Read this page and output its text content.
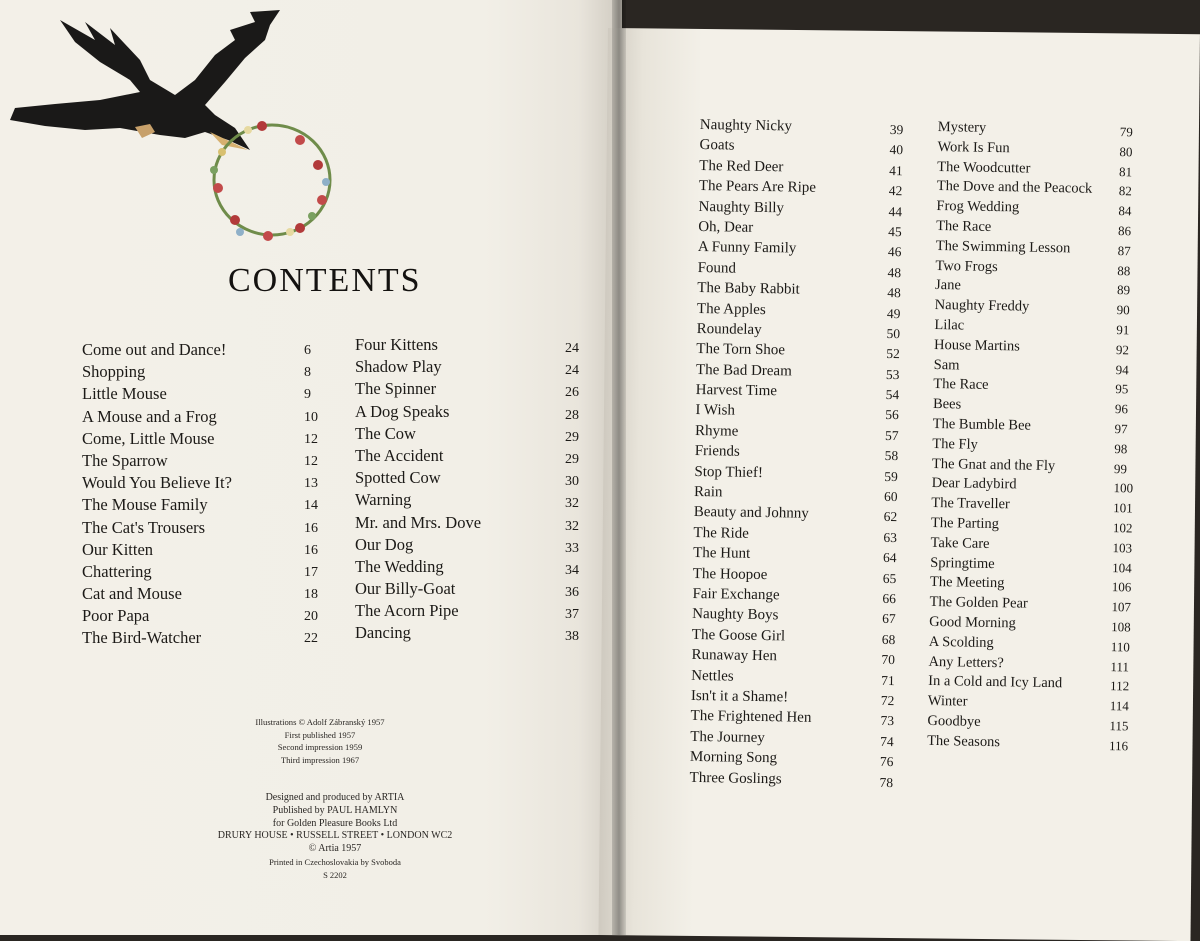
CONTENTS
Come out and Dance!	6
Shopping	8
Little Mouse	9
A Mouse and a Frog	10
Come, Little Mouse	12
The Sparrow	12
Would You Believe It?	13
The Mouse Family	14
The Cat's Trousers	16
Our Kitten	16
Chattering	17
Cat and Mouse	18
Poor Papa	20
The Bird-Watcher	22
Four Kittens	24
Shadow Play	24
The Spinner	26
A Dog Speaks	28
The Cow	29
The Accident	29
Spotted Cow	30
Warning	32
Mr. and Mrs. Dove	32
Our Dog	33
The Wedding	34
Our Billy-Goat	36
The Acorn Pipe	37
Dancing	38
Naughty Nicky	39
Goats	40
The Red Deer	41
The Pears Are Ripe	42
Naughty Billy	44
Oh, Dear	45
A Funny Family	46
Found	48
The Baby Rabbit	48
The Apples	49
Roundelay	50
The Torn Shoe	52
The Bad Dream	53
Harvest Time	54
I Wish	56
Rhyme	57
Friends	58
Stop Thief!	59
Rain	60
Beauty and Johnny	62
The Ride	63
The Hunt	64
The Hoopoe	65
Fair Exchange	66
Naughty Boys	67
The Goose Girl	68
Runaway Hen	70
Nettles	71
Isn't it a Shame!	72
The Frightened Hen	73
The Journey	74
Morning Song	76
Three Goslings	78
Mystery	79
Work Is Fun	80
The Woodcutter	81
The Dove and the Peacock 82
Frog Wedding	84
The Race	86
The Swimming Lesson	87
Two Frogs	88
Jane	89
Naughty Freddy	90
Lilac	91
House Martins	92
Sam	94
The Race	95
Bees	96
The Bumble Bee	97
The Fly	98
The Gnat and the Fly	99
Dear Ladybird	100
The Traveller	101
The Parting	102
Take Care	103
Springtime	104
The Meeting	106
The Golden Pear	107
Good Morning	108
A Scolding	110
Any Letters?	111
In a Cold and Icy Land	112
Winter	114
Goodbye	115
The Seasons	116
Illustrations © Adolf Zábranský 1957
First published 1957
Second impression 1959
Third impression 1967
Designed and produced by ARTIA
Published by PAUL HAMLYN
for Golden Pleasure Books Ltd
DRURY HOUSE • RUSSELL STREET • LONDON WC2
© Artia 1957
Printed in Czechoslovakia by Svoboda
S 2202
